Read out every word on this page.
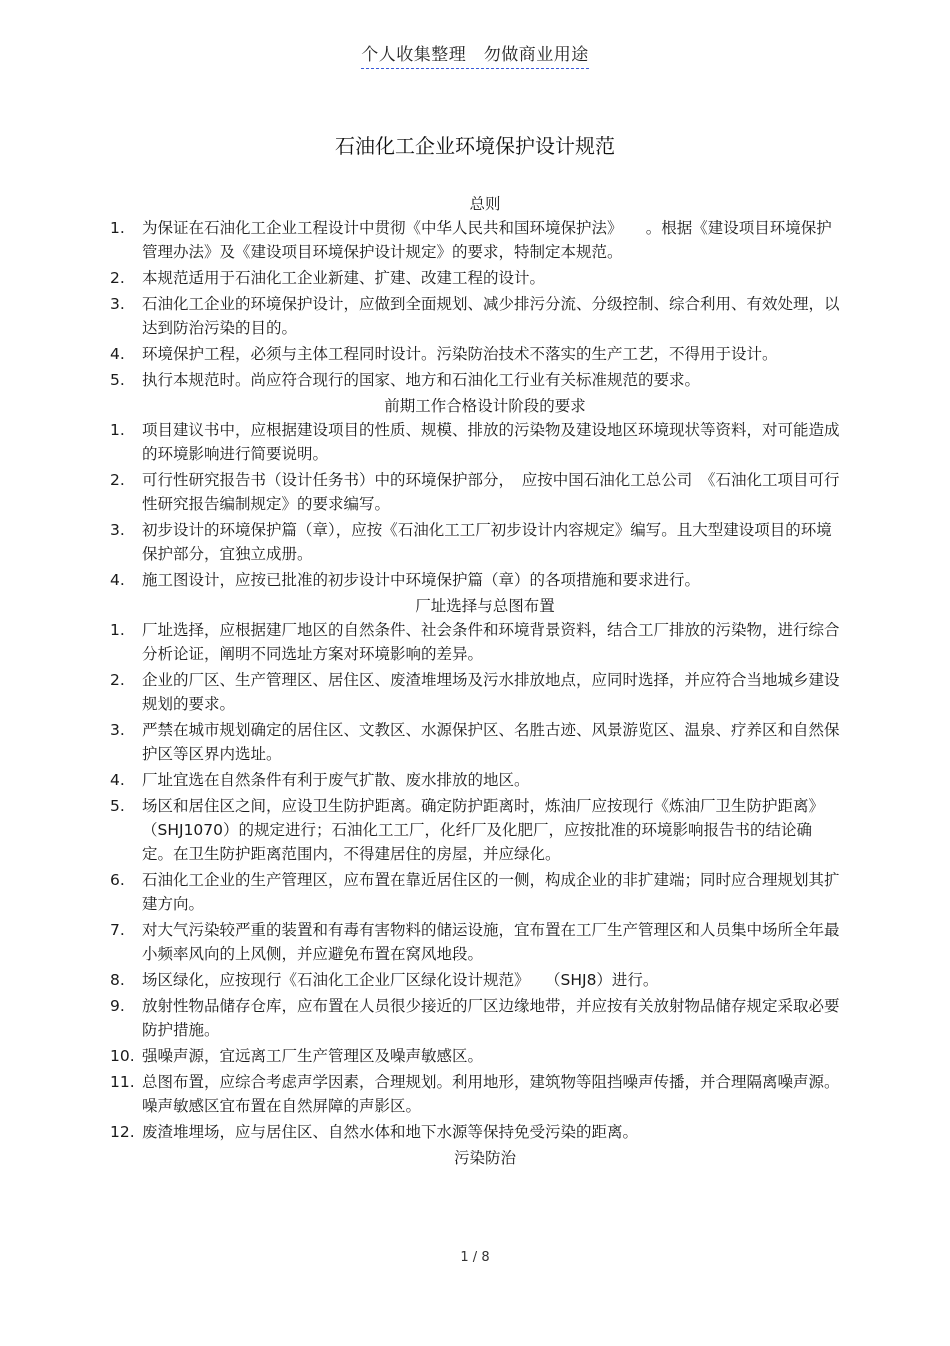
个人收集整理　勿做商业用途
石油化工企业环境保护设计规范
总则
1.	为保证在石油化工企业工程设计中贯彻《中华人民共和国环境保护法》　　。根据《建设项目环境保护管理办法》及《建设项目环境保护设计规定》的要求，特制定本规范。
2.	本规范适用于石油化工企业新建、扩建、改建工程的设计。
3.	石油化工企业的环境保护设计，应做到全面规划、减少排污分流、分级控制、综合利用、有效处理，以达到防治污染的目的。
4.	环境保护工程，必须与主体工程同时设计。污染防治技术不落实的生产工艺，不得用于设计。
5.	执行本规范时。尚应符合现行的国家、地方和石油化工行业有关标准规范的要求。
前期工作合格设计阶段的要求
1.	项目建议书中，应根据建设项目的性质、规模、排放的污染物及建设地区环境现状等资料，对可能造成的环境影响进行简要说明。
2.	可行性研究报告书（设计任务书）中的环境保护部分，　应按中国石油化工总公司　《石油化工项目可行性研究报告编制规定》的要求编写。
3.	初步设计的环境保护篇（章），应按《石油化工工厂初步设计内容规定》编写。且大型建设项目的环境保护部分，宜独立成册。
4.	施工图设计，应按已批准的初步设计中环境保护篇（章）的各项措施和要求进行。
厂址选择与总图布置
1.	厂址选择，应根据建厂地区的自然条件、社会条件和环境背景资料，结合工厂排放的污染物，进行综合分析论证，阐明不同选址方案对环境影响的差异。
2.	企业的厂区、生产管理区、居住区、废渣堆埋场及污水排放地点，应同时选择，并应符合当地城乡建设规划的要求。
3.	严禁在城市规划确定的居住区、文教区、水源保护区、名胜古迹、风景游览区、温泉、疗养区和自然保护区等区界内选址。
4.	厂址宜选在自然条件有利于废气扩散、废水排放的地区。
5.	场区和居住区之间，应设卫生防护距离。确定防护距离时，炼油厂应按现行《炼油厂卫生防护距离》（SHJ1070）的规定进行；石油化工工厂，化纤厂及化肥厂，应按批准的环境影响报告书的结论确定。在卫生防护距离范围内，不得建居住的房屋，并应绿化。
6.	石油化工企业的生产管理区，应布置在靠近居住区的一侧，构成企业的非扩建端；同时应合理规划其扩建方向。
7.	对大气污染较严重的装置和有毒有害物料的储运设施，宜布置在工厂生产管理区和人员集中场所全年最小频率风向的上风侧，并应避免布置在窝风地段。
8.	场区绿化，应按现行《石油化工企业厂区绿化设计规范》　　（SHJ8）进行。
9.	放射性物品储存仓库，应布置在人员很少接近的厂区边缘地带，并应按有关放射物品储存规定采取必要防护措施。
10. 强噪声源，宜远离工厂生产管理区及噪声敏感区。
11. 总图布置，应综合考虑声学因素，合理规划。利用地形，建筑物等阻挡噪声传播，并合理隔离噪声源。噪声敏感区宜布置在自然屏障的声影区。
12. 废渣堆埋场，应与居住区、自然水体和地下水源等保持免受污染的距离。
污染防治
1 / 8
